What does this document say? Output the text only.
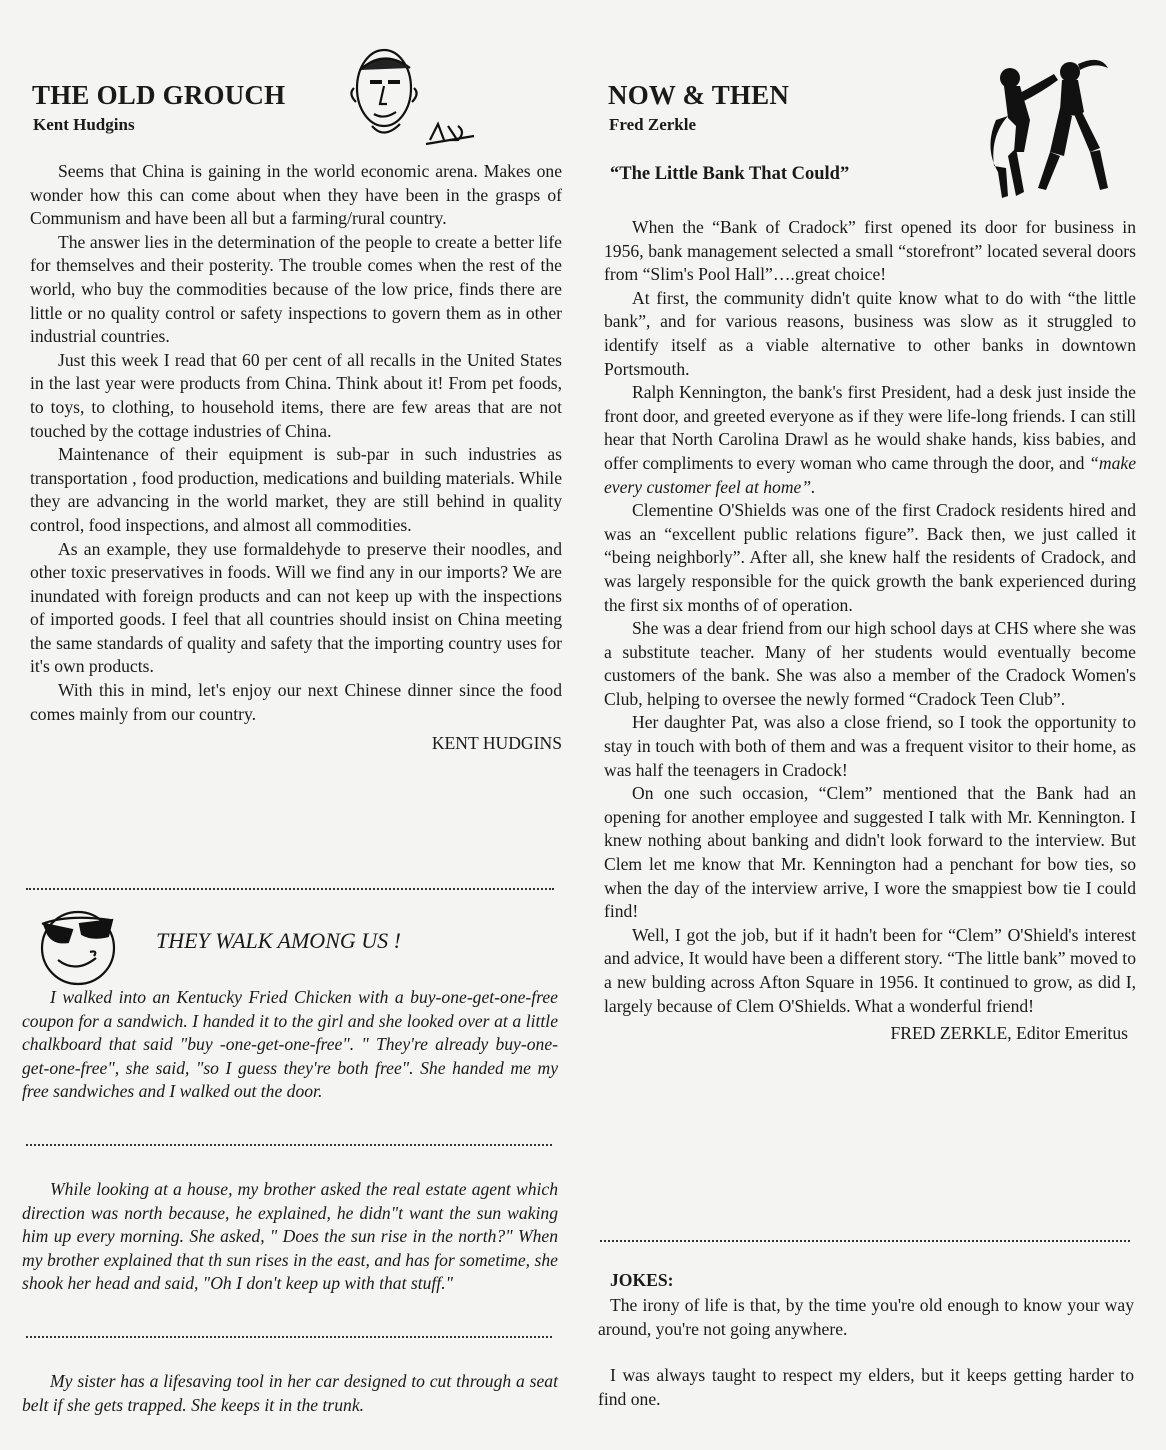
THE OLD GROUCH
Kent Hudgins

Seems that China is gaining in the world economic arena. Makes one wonder how this can come about when they have been in the grasps of Communism and have been all but a farming/rural country.

The answer lies in the determination of the people to create a better life for themselves and their posterity. The trouble comes when the rest of the world, who buy the commodities because of the low price, finds there are little or no quality control or safety inspections to govern them as in other industrial countries.

Just this week I read that 60 per cent of all recalls in the United States in the last year were products from China. Think about it! From pet foods, to toys, to clothing, to household items, there are few areas that are not touched by the cottage industries of China.

Maintenance of their equipment is sub-par in such industries as transportation , food production, medications and building materials. While they are advancing in the world market, they are still behind in quality control, food inspections, and almost all commodities.

As an example, they use formaldehyde to preserve their noodles, and other toxic preservatives in foods. Will we find any in our imports? We are inundated with foreign products and can not keep up with the inspections of imported goods. I feel that all countries should insist on China meeting the same standards of quality and safety that the importing country uses for it's own products.

With this in mind, let's enjoy our next Chinese dinner since the food comes mainly from our country.

KENT HUDGINS

THEY WALK AMONG US !

I walked into an Kentucky Fried Chicken with a buy-one-get-one-free coupon for a sandwich. I handed it to the girl and she looked over at a little chalkboard that said "buy -one-get-one-free". " They're already buy-one-get-one-free", she said, "so I guess they're both free". She handed me my free sandwiches and I walked out the door.

While looking at a house, my brother asked the real estate agent which direction was north because, he explained, he didn"t want the sun waking him up every morning. She asked, " Does the sun rise in the north?" When my brother explained that th sun rises in the east, and has for sometime, she shook her head and said, "Oh I don't keep up with that stuff."

My sister has a lifesaving tool in her car designed to cut through a seat belt if she gets trapped. She keeps it in the trunk.

NOW & THEN
Fred Zerkle
“The Little Bank That Could”

When the “Bank of Cradock” first opened its door for business in 1956, bank management selected a small “storefront” located several doors from “Slim's Pool Hall”….great choice!

At first, the community didn't quite know what to do with “the little bank”, and for various reasons, business was slow as it struggled to identify itself as a viable alternative to other banks in downtown Portsmouth.

Ralph Kennington, the bank's first President, had a desk just inside the front door, and greeted everyone as if they were life-long friends. I can still hear that North Carolina Drawl as he would shake hands, kiss babies, and offer compliments to every woman who came through the door, and “make every customer feel at home”.

Clementine O'Shields was one of the first Cradock residents hired and was an “excellent public relations figure”. Back then, we just called it “being neighborly”. After all, she knew half the residents of Cradock, and was largely responsible for the quick growth the bank experienced during the first six months of of operation.

She was a dear friend from our high school days at CHS where she was a substitute teacher. Many of her students would eventually become customers of the bank. She was also a member of the Cradock Women's Club, helping to oversee the newly formed “Cradock Teen Club”.

Her daughter Pat, was also a close friend, so I took the opportunity to stay in touch with both of them and was a frequent visitor to their home, as was half the teenagers in Cradock!

On one such occasion, “Clem” mentioned that the Bank had an opening for another employee and suggested I talk with Mr. Kennington. I knew nothing about banking and didn't look forward to the interview. But Clem let me know that Mr. Kennington had a penchant for bow ties, so when the day of the interview arrive, I wore the smappiest bow tie I could find!

Well, I got the job, but if it hadn't been for “Clem” O'Shield's interest and advice, It would have been a different story. “The little bank” moved to a new bulding across Afton Square in 1956. It continued to grow, as did I, largely because of Clem O'Shields. What a wonderful friend!

FRED ZERKLE, Editor Emeritus

JOKES:

The irony of life is that, by the time you're old enough to know your way around, you're not going anywhere.

I was always taught to respect my elders, but it keeps getting harder to find one.
